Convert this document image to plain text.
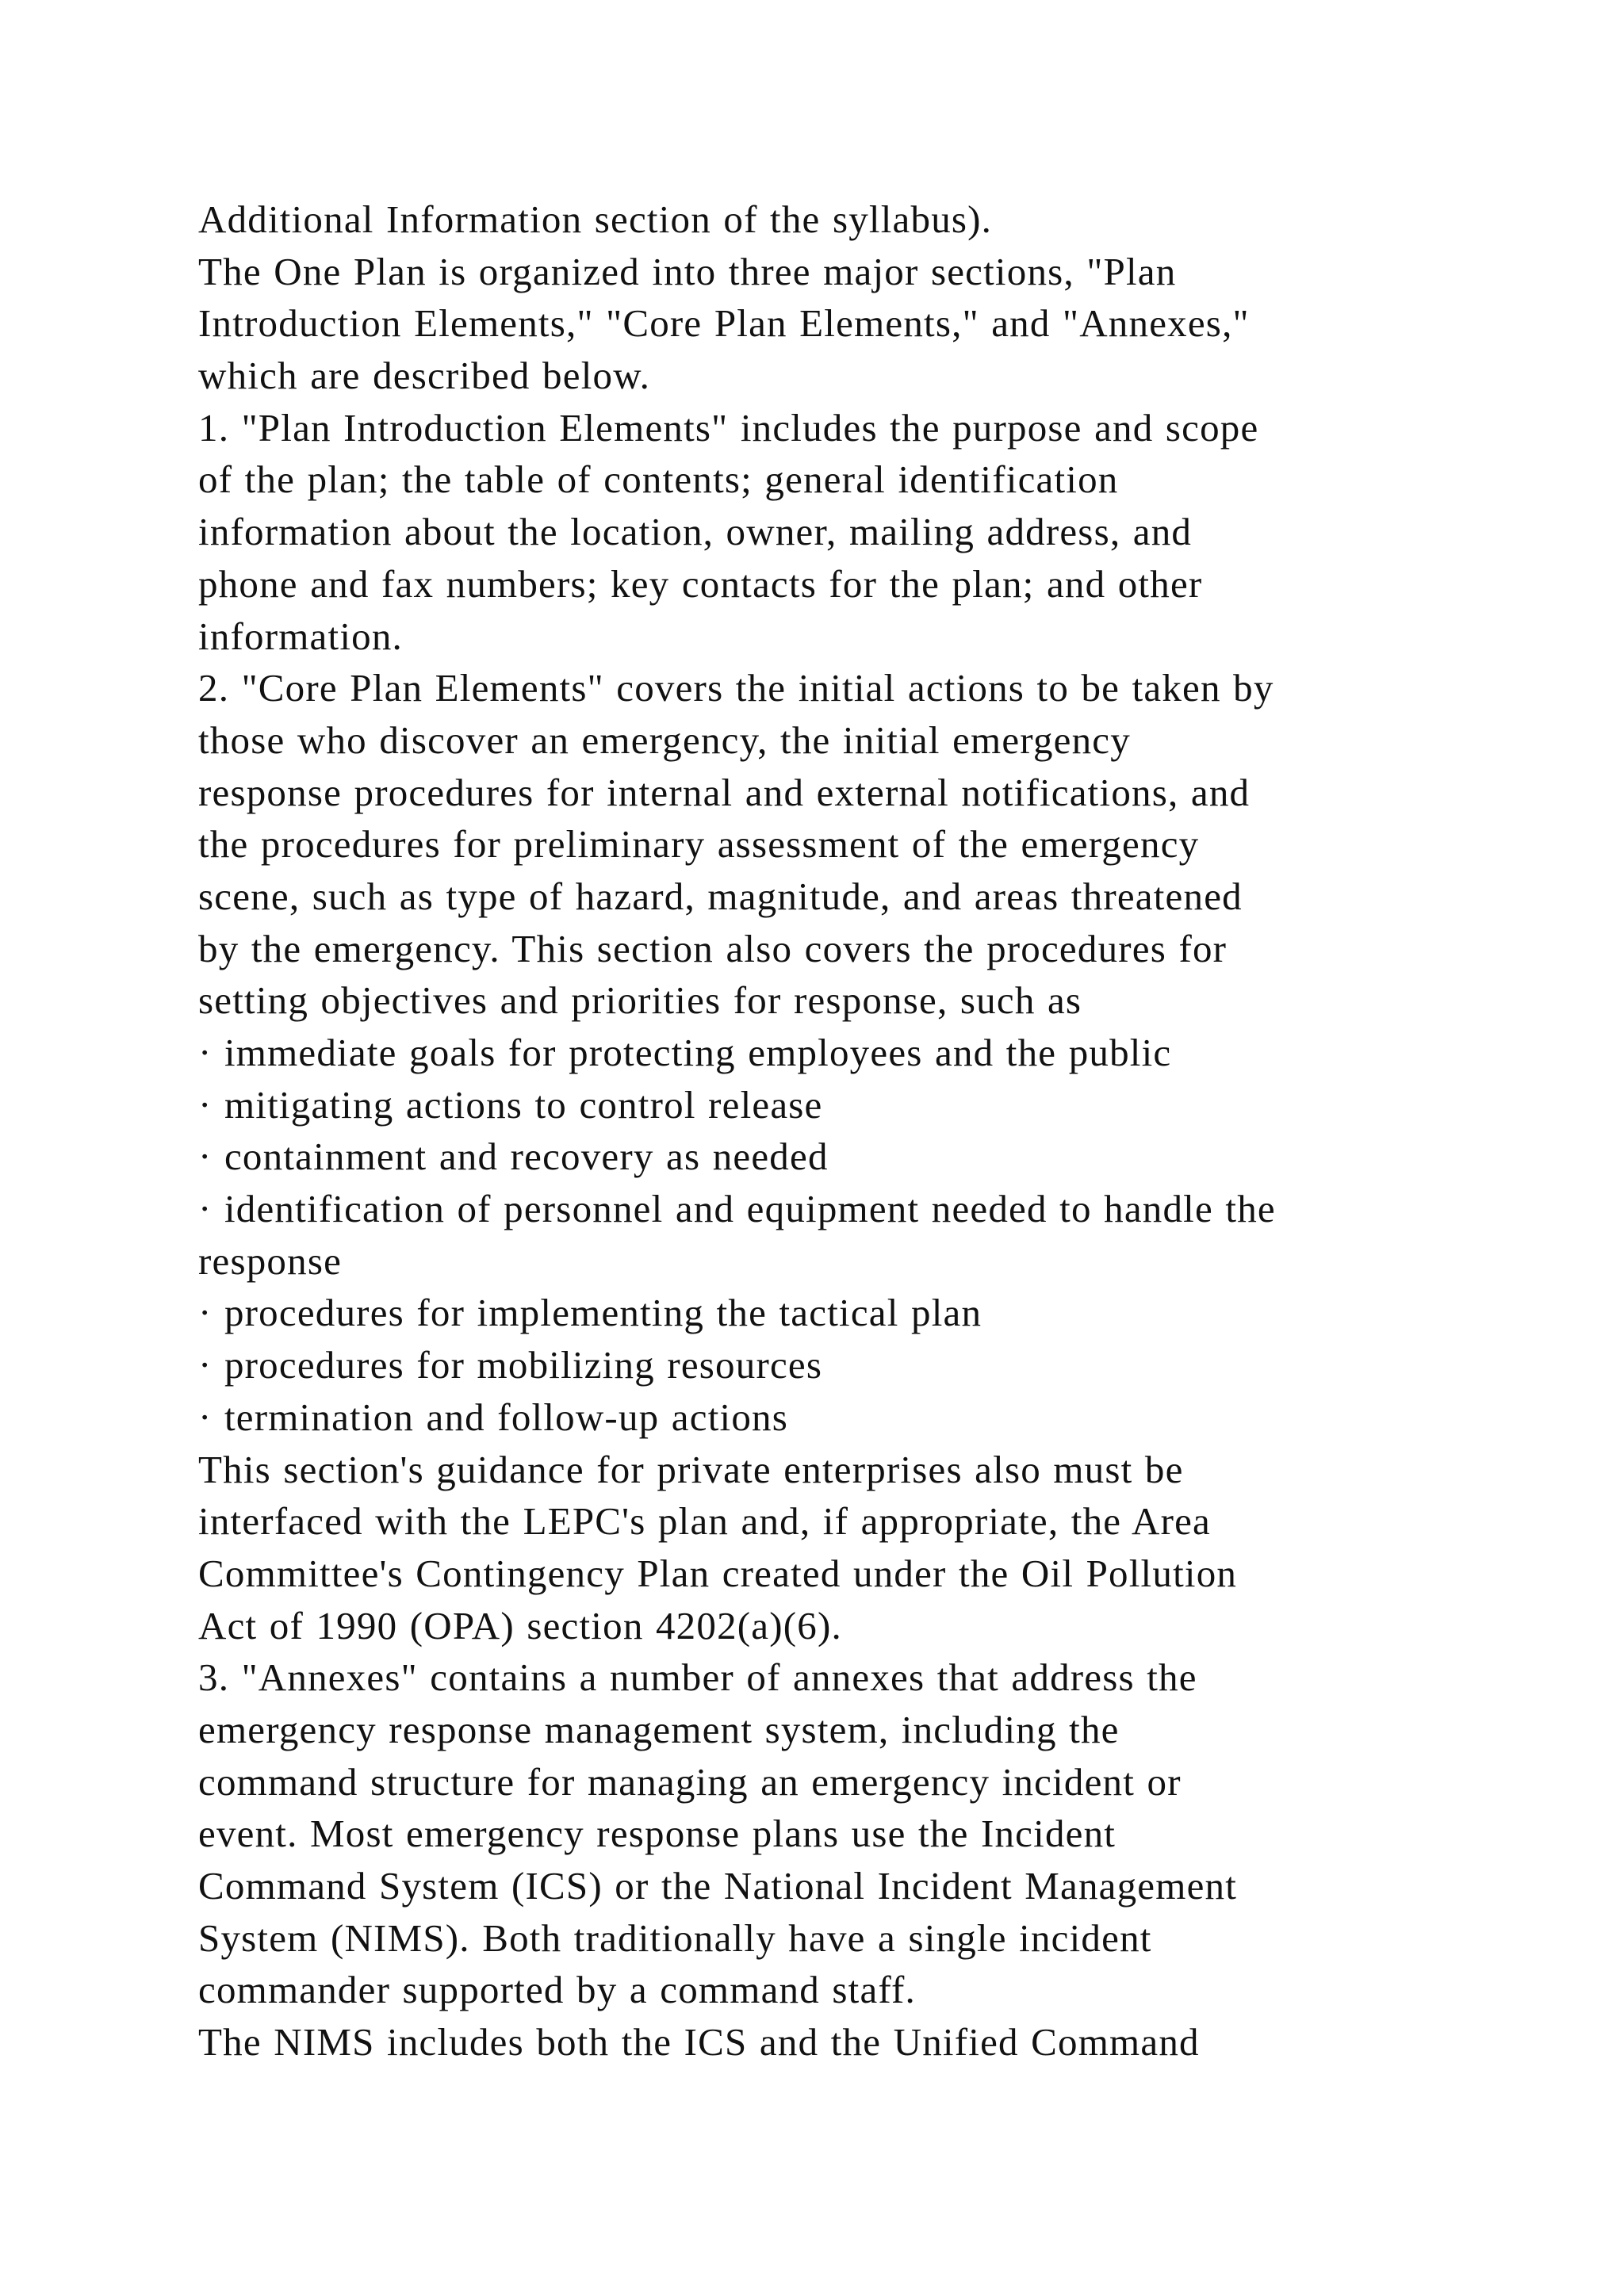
Additional Information section of the syllabus).
The One Plan is organized into three major sections, "Plan
Introduction Elements," "Core Plan Elements," and "Annexes,"
which are described below.
1. "Plan Introduction Elements" includes the purpose and scope
of the plan; the table of contents; general identification
information about the location, owner, mailing address, and
phone and fax numbers; key contacts for the plan; and other
information.
2. "Core Plan Elements" covers the initial actions to be taken by
those who discover an emergency, the initial emergency
response procedures for internal and external notifications, and
the procedures for preliminary assessment of the emergency
scene, such as type of hazard, magnitude, and areas threatened
by the emergency. This section also covers the procedures for
setting objectives and priorities for response, such as
· immediate goals for protecting employees and the public
· mitigating actions to control release
· containment and recovery as needed
· identification of personnel and equipment needed to handle the
response
· procedures for implementing the tactical plan
· procedures for mobilizing resources
· termination and follow-up actions
This section's guidance for private enterprises also must be
interfaced with the LEPC's plan and, if appropriate, the Area
Committee's Contingency Plan created under the Oil Pollution
Act of 1990 (OPA) section 4202(a)(6).
3. "Annexes" contains a number of annexes that address the
emergency response management system, including the
command structure for managing an emergency incident or
event. Most emergency response plans use the Incident
Command System (ICS) or the National Incident Management
System (NIMS). Both traditionally have a single incident
commander supported by a command staff.
The NIMS includes both the ICS and the Unified Command
